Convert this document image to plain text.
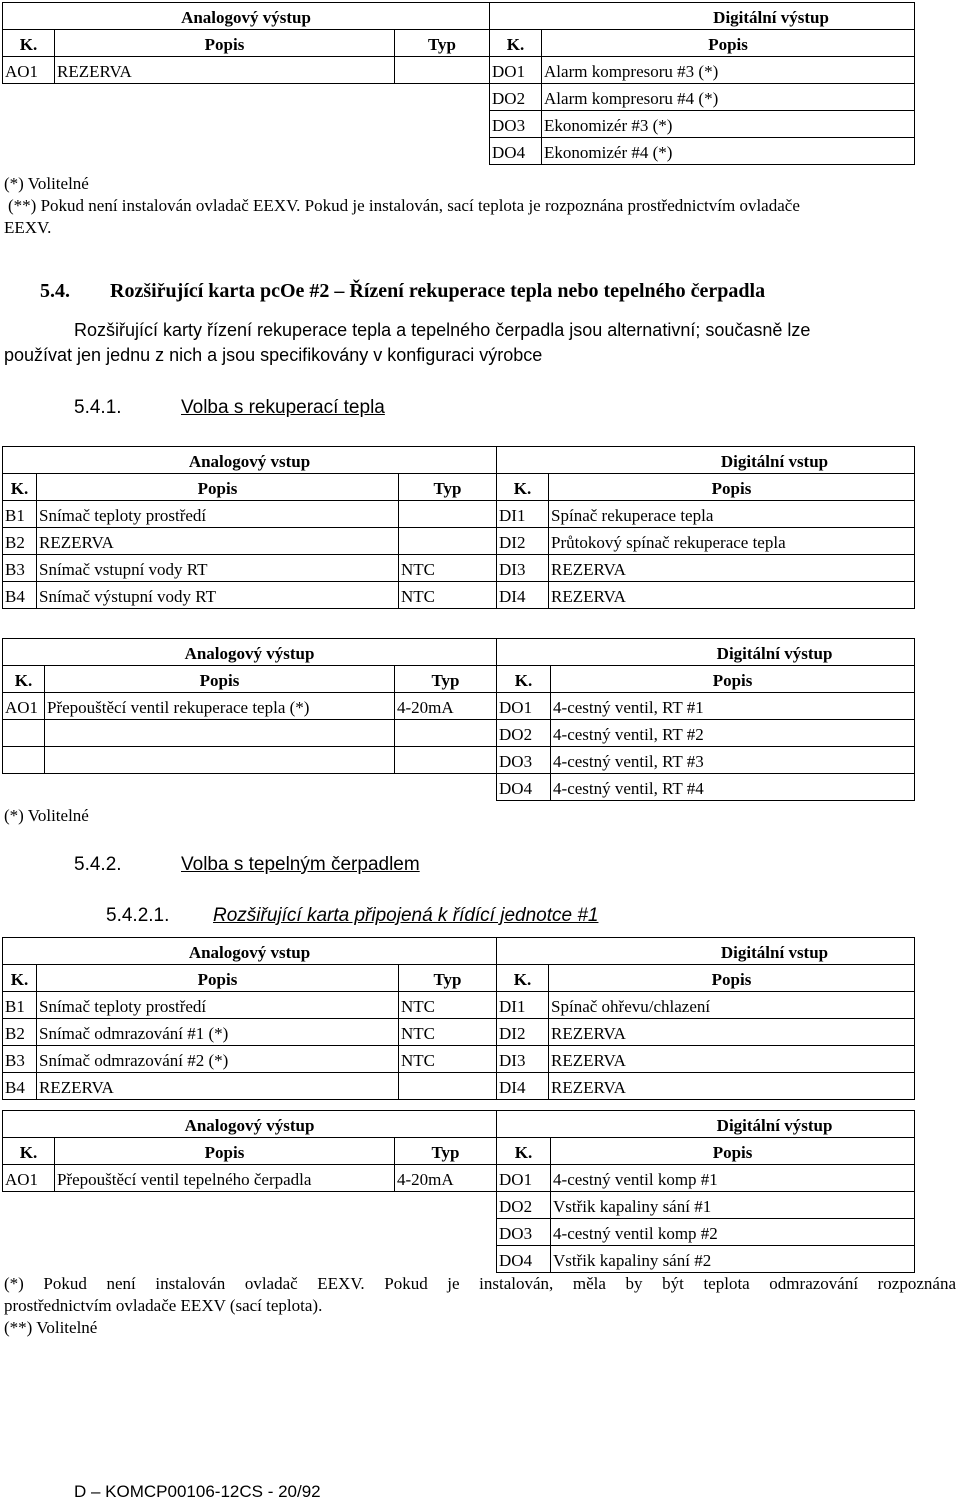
Analogový výstup			Digitální výstup	
K.	Popis	Typ	K.	Popis
AO1	REZERVA		DO1	Alarm kompresoru #3 (*)
			DO2	Alarm kompresoru #4 (*)
			DO3	Ekonomizér #3 (*)
			DO4	Ekonomizér #4 (*)
(*) Volitelné
(**) Pokud není instalován ovladač EEXV. Pokud je instalován, sací teplota je rozpoznána prostřednictvím ovladače
EEXV.
5.4. Rozšiřující karta pcOe #2 – Řízení rekuperace tepla nebo tepelného čerpadla
Rozšiřující karty řízení rekuperace tepla a tepelného čerpadla jsou alternativní; současně lze
používat jen jednu z nich a jsou specifikovány v konfiguraci výrobce
5.4.1.	Volba s rekuperací tepla
Analogový vstup			Digitální vstup	
K.	Popis	Typ	K.	Popis
B1	Snímač teploty prostředí		DI1	Spínač rekuperace tepla
B2	REZERVA		DI2	Průtokový spínač rekuperace tepla
B3	Snímač vstupní vody RT	NTC	DI3	REZERVA
B4	Snímač výstupní vody RT	NTC	DI4	REZERVA
Analogový výstup			Digitální výstup	
K.	Popis	Typ	K.	Popis
AO1	Přepouštěcí ventil rekuperace tepla (*)	4-20mA	DO1	4-cestný ventil, RT #1
			DO2	4-cestný ventil, RT #2
			DO3	4-cestný ventil, RT #3
			DO4	4-cestný ventil, RT #4
(*) Volitelné
5.4.2.	Volba s tepelným čerpadlem
5.4.2.1. Rozšiřující karta připojená k řídící jednotce #1
Analogový vstup			Digitální vstup	
K.	Popis	Typ	K.	Popis
B1	Snímač teploty prostředí	NTC	DI1	Spínač ohřevu/chlazení
B2	Snímač odmrazování #1 (*)	NTC	DI2	REZERVA
B3	Snímač odmrazování #2 (*)	NTC	DI3	REZERVA
B4	REZERVA		DI4	REZERVA
Analogový výstup			Digitální výstup	
K.	Popis	Typ	K.	Popis
AO1	Přepouštěcí ventil tepelného čerpadla	4-20mA	DO1	4-cestný ventil komp #1
			DO2	Vstřik kapaliny sání #1
			DO3	4-cestný ventil komp #2
			DO4	Vstřik kapaliny sání #2
(*) Pokud není instalován ovladač EEXV. Pokud je instalován, měla by být teplota odmrazování rozpoznána
prostřednictvím ovladače EEXV (sací teplota).
(**) Volitelné
D – KOMCP00106-12CS - 20/92
